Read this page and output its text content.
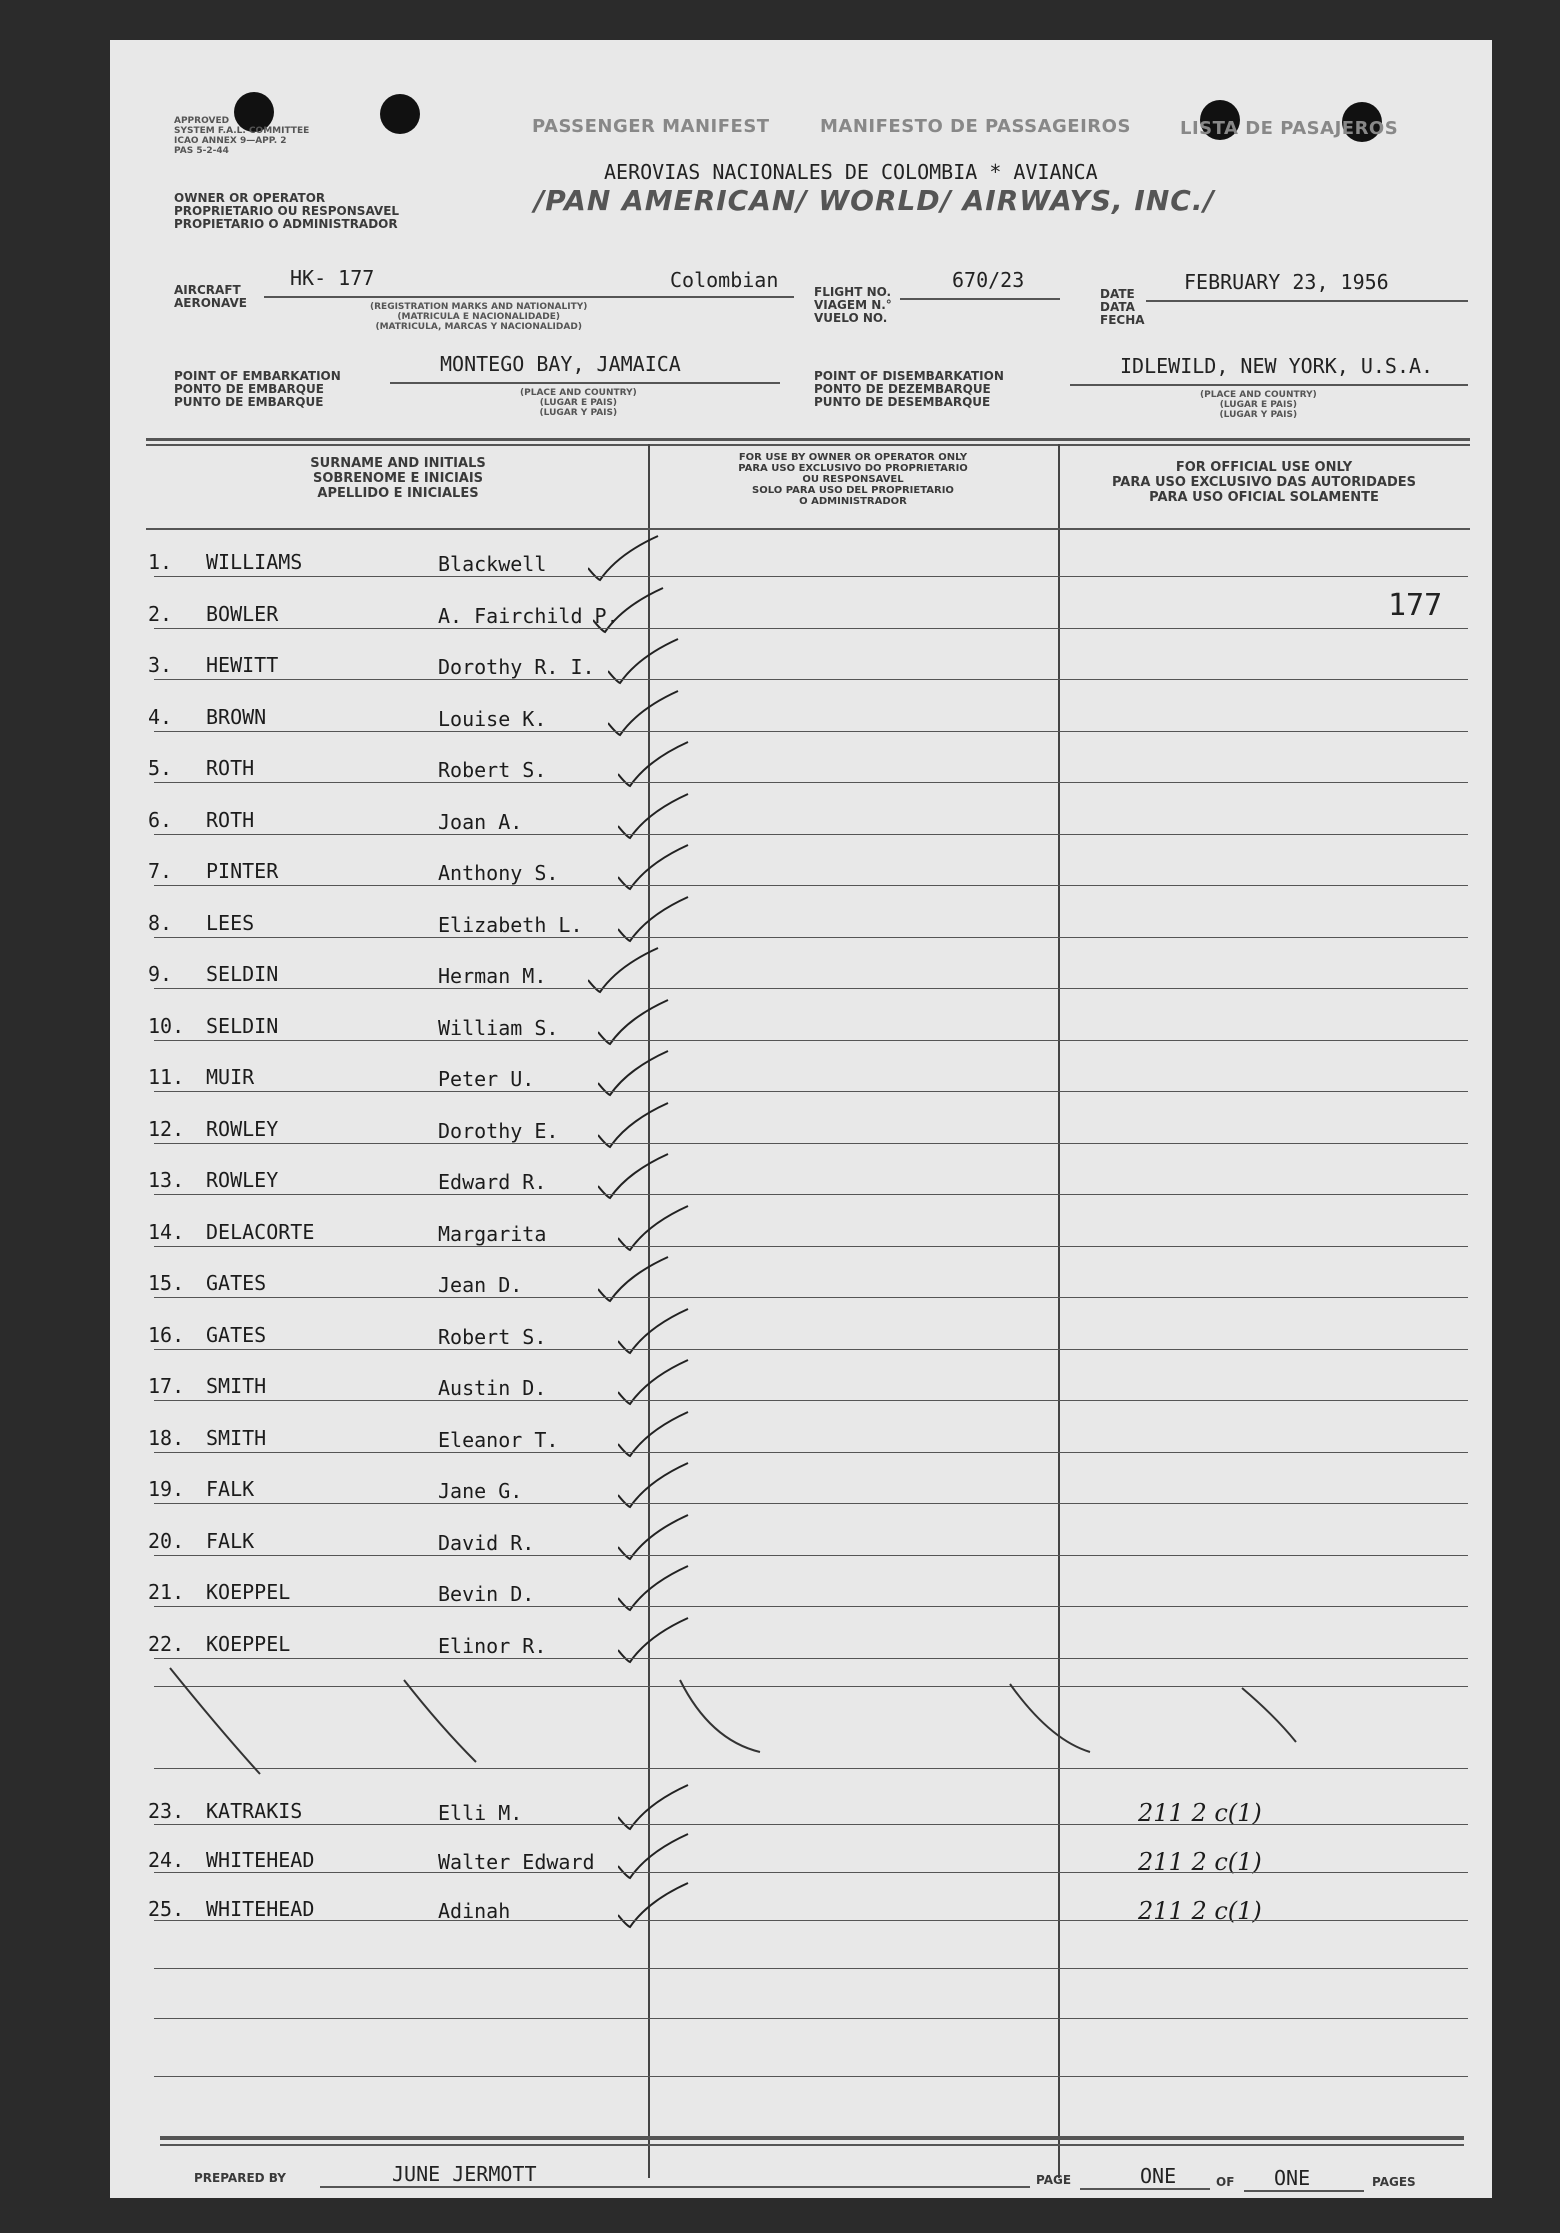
APPROVED
SYSTEM F.A.L. COMMITTEE
ICAO ANNEX 9—APP. 2
PAS 5-2-44
OWNER OR OPERATOR
PROPRIETARIO OU RESPONSAVEL
PROPIETARIO O ADMINISTRADOR
PASSENGER MANIFEST	MANIFESTO DE PASSAGEIROS	LISTA DE PASAJEROS
AEROVIAS NACIONALES DE COLOMBIA * AVIANCA
/PAN AMERICAN/ WORLD/ AIRWAYS, INC./
AIRCRAFT
AERONAVE
HK- 177	Colombian
(REGISTRATION MARKS AND NATIONALITY)
(MATRICULA E NACIONALIDADE)
(MATRICULA, MARCAS Y NACIONALIDAD)
FLIGHT NO.
VIAGEM N.°
VUELO NO.
670/23
DATE
DATA
FECHA
FEBRUARY 23, 1956
POINT OF EMBARKATION
PONTO DE EMBARQUE
PUNTO DE EMBARQUE
MONTEGO BAY, JAMAICA
(PLACE AND COUNTRY)
(LUGAR E PAIS)
(LUGAR Y PAIS)
POINT OF DISEMBARKATION
PONTO DE DEZEMBARQUE
PUNTO DE DESEMBARQUE
IDLEWILD, NEW YORK, U.S.A.
(PLACE AND COUNTRY)
(LUGAR E PAIS)
(LUGAR Y PAIS)
SURNAME AND INITIALS
SOBRENOME E INICIAIS
APELLIDO E INICIALES
FOR USE BY OWNER OR OPERATOR ONLY
PARA USO EXCLUSIVO DO PROPRIETARIO
OU RESPONSAVEL
SOLO PARA USO DEL PROPRIETARIO
O ADMINISTRADOR
FOR OFFICIAL USE ONLY
PARA USO EXCLUSIVO DAS AUTORIDADES
PARA USO OFICIAL SOLAMENTE
177
1. WILLIAMS	Blackwell
2. BOWLER	A. Fairchild P.
3. HEWITT	Dorothy R. I.
4. BROWN	Louise K.
5. ROTH	Robert S.
6. ROTH	Joan A.
7. PINTER	Anthony S.
8. LEES	Elizabeth L.
9. SELDIN	Herman M.
10. SELDIN	William S.
11. MUIR	Peter U.
12. ROWLEY	Dorothy E.
13. ROWLEY	Edward R.
14. DELACORTE	Margarita
15. GATES	Jean D.
16. GATES	Robert S.
17. SMITH	Austin D.
18. SMITH	Eleanor T.
19. FALK	Jane G.
20. FALK	David R.
21. KOEPPEL	Bevin D.
22. KOEPPEL	Elinor R.
23. KATRAKIS	Elli M.	211 2 c(1)
24. WHITEHEAD	Walter Edward	211 2 c(1)
25. WHITEHEAD	Adinah	211 2 c(1)
PREPARED BY	JUNE JERMOTT	PAGE	ONE	OF ONE	PAGES
